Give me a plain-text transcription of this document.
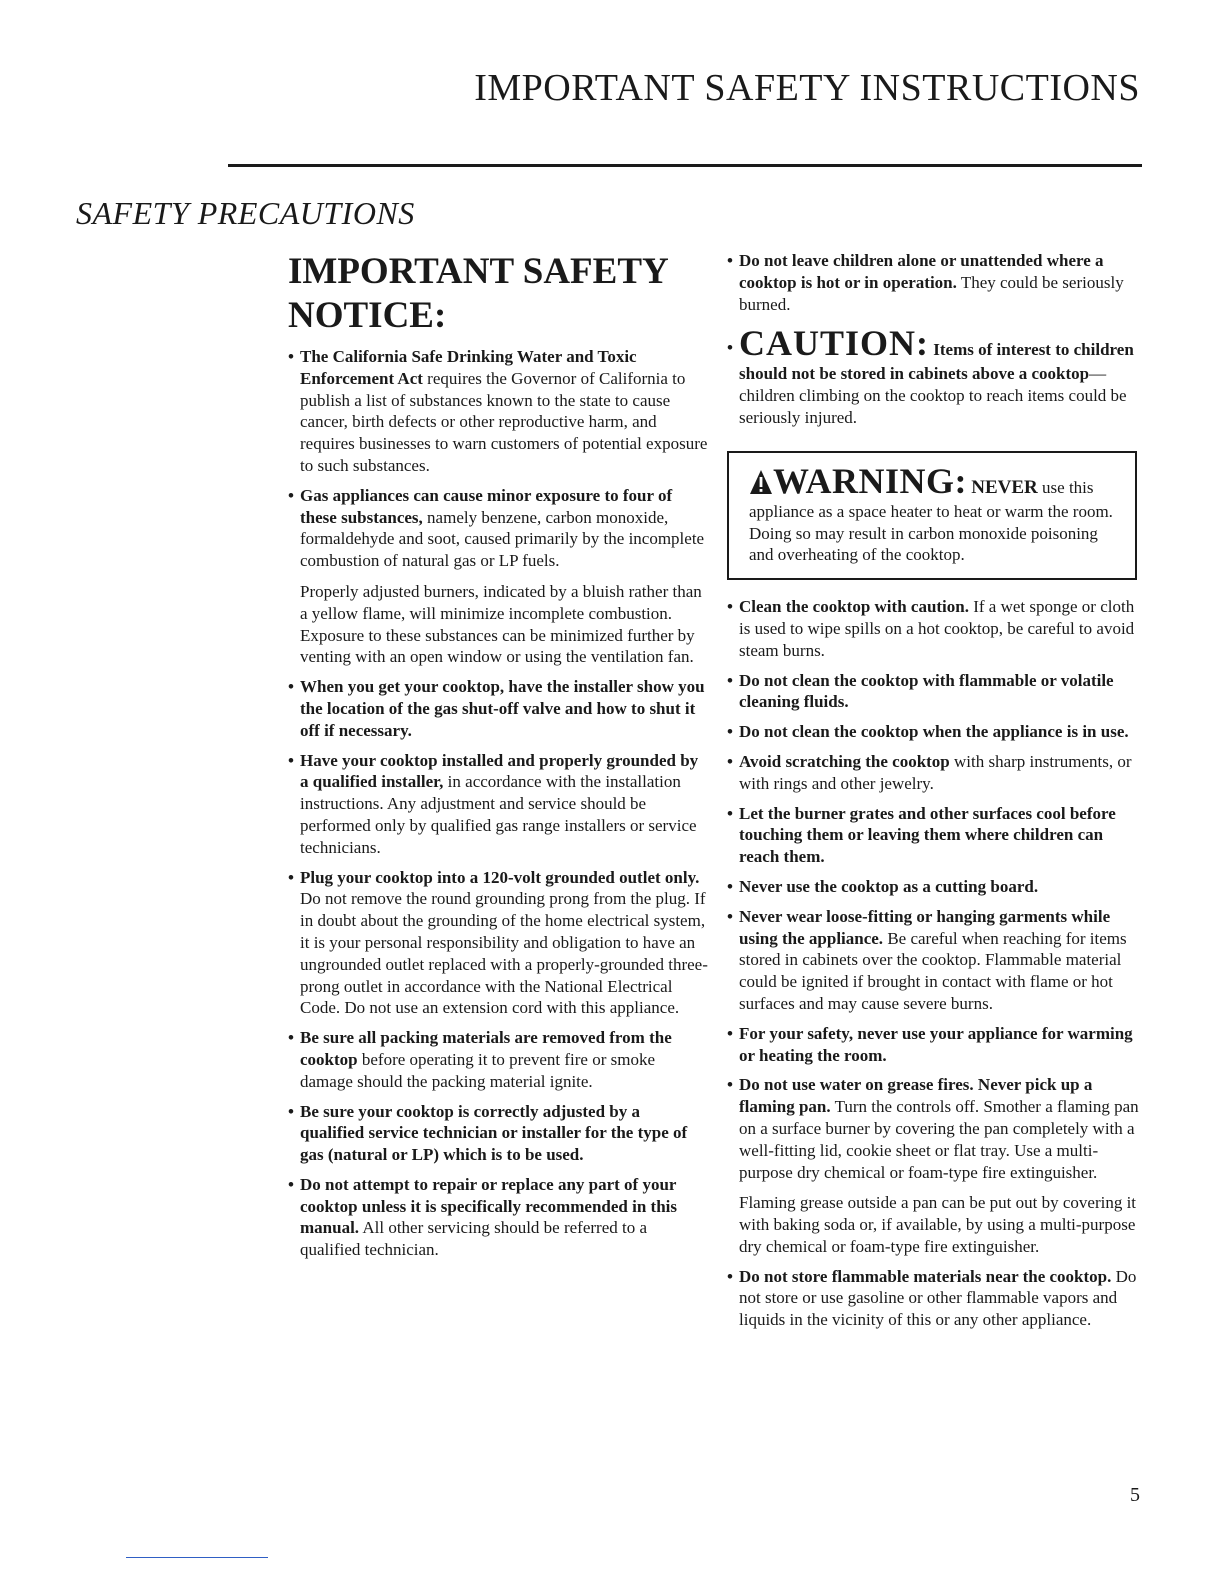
IMPORTANT SAFETY INSTRUCTIONS
SAFETY PRECAUTIONS
IMPORTANT SAFETY NOTICE:
• The California Safe Drinking Water and Toxic Enforcement Act requires the Governor of California to publish a list of substances known to the state to cause cancer, birth defects or other reproductive harm, and requires businesses to warn customers of potential exposure to such substances.
• Gas appliances can cause minor exposure to four of these substances, namely benzene, carbon monoxide, formaldehyde and soot, caused primarily by the incomplete combustion of natural gas or LP fuels.
Properly adjusted burners, indicated by a bluish rather than a yellow flame, will minimize incomplete combustion. Exposure to these substances can be minimized further by venting with an open window or using the ventilation fan.
• When you get your cooktop, have the installer show you the location of the gas shut-off valve and how to shut it off if necessary.
• Have your cooktop installed and properly grounded by a qualified installer, in accordance with the installation instructions. Any adjustment and service should be performed only by qualified gas range installers or service technicians.
• Plug your cooktop into a 120-volt grounded outlet only. Do not remove the round grounding prong from the plug. If in doubt about the grounding of the home electrical system, it is your personal responsibility and obligation to have an ungrounded outlet replaced with a properly-grounded three-prong outlet in accordance with the National Electrical Code. Do not use an extension cord with this appliance.
• Be sure all packing materials are removed from the cooktop before operating it to prevent fire or smoke damage should the packing material ignite.
• Be sure your cooktop is correctly adjusted by a qualified service technician or installer for the type of gas (natural or LP) which is to be used.
• Do not attempt to repair or replace any part of your cooktop unless it is specifically recommended in this manual. All other servicing should be referred to a qualified technician.
• Do not leave children alone or unattended where a cooktop is hot or in operation. They could be seriously burned.
• CAUTION: Items of interest to children should not be stored in cabinets above a cooktop—children climbing on the cooktop to reach items could be seriously injured.
WARNING: NEVER use this appliance as a space heater to heat or warm the room. Doing so may result in carbon monoxide poisoning and overheating of the cooktop.
• Clean the cooktop with caution. If a wet sponge or cloth is used to wipe spills on a hot cooktop, be careful to avoid steam burns.
• Do not clean the cooktop with flammable or volatile cleaning fluids.
• Do not clean the cooktop when the appliance is in use.
• Avoid scratching the cooktop with sharp instruments, or with rings and other jewelry.
• Let the burner grates and other surfaces cool before touching them or leaving them where children can reach them.
• Never use the cooktop as a cutting board.
• Never wear loose-fitting or hanging garments while using the appliance. Be careful when reaching for items stored in cabinets over the cooktop. Flammable material could be ignited if brought in contact with flame or hot surfaces and may cause severe burns.
• For your safety, never use your appliance for warming or heating the room.
• Do not use water on grease fires. Never pick up a flaming pan. Turn the controls off. Smother a flaming pan on a surface burner by covering the pan completely with a well-fitting lid, cookie sheet or flat tray. Use a multi-purpose dry chemical or foam-type fire extinguisher.
Flaming grease outside a pan can be put out by covering it with baking soda or, if available, by using a multi-purpose dry chemical or foam-type fire extinguisher.
• Do not store flammable materials near the cooktop. Do not store or use gasoline or other flammable vapors and liquids in the vicinity of this or any other appliance.
5
